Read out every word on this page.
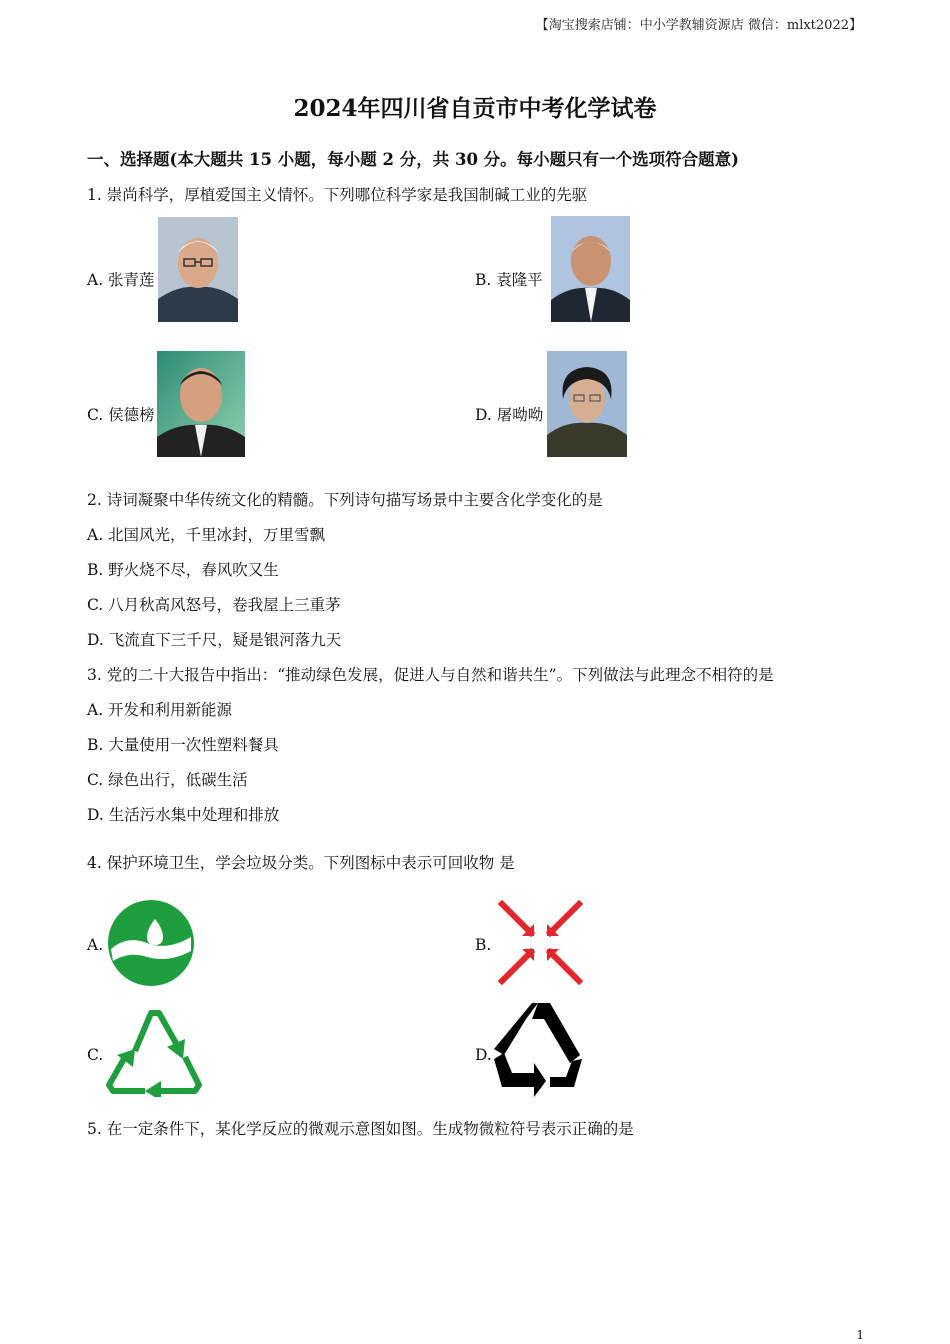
【淘宝搜索店铺：中小学教辅资源店 微信：mlxt2022】
2024年四川省自贡市中考化学试卷
一、选择题(本大题共 15 小题，每小题 2 分，共 30 分。每小题只有一个选项符合题意)
1. 崇尚科学，厚植爱国主义情怀。下列哪位科学家是我国制碱工业的先驱
A. 张青莲	B. 袁隆平
C. 侯德榜	D. 屠呦呦
2. 诗词凝聚中华传统文化的精髓。下列诗句描写场景中主要含化学变化的是
A. 北国风光，千里冰封，万里雪飘
B. 野火烧不尽，春风吹又生
C. 八月秋高风怒号，卷我屋上三重茅
D. 飞流直下三千尺，疑是银河落九天
3. 党的二十大报告中指出：“推动绿色发展，促进人与自然和谐共生”。下列做法与此理念不相符的是
A. 开发和利用新能源
B. 大量使用一次性塑料餐具
C. 绿色出行，低碳生活
D. 生活污水集中处理和排放
4. 保护环境卫生，学会垃圾分类。下列图标中表示可回收物 是
A.	B.
C.	D.
5. 在一定条件下，某化学反应的微观示意图如图。生成物微粒符号表示正确的是
1
